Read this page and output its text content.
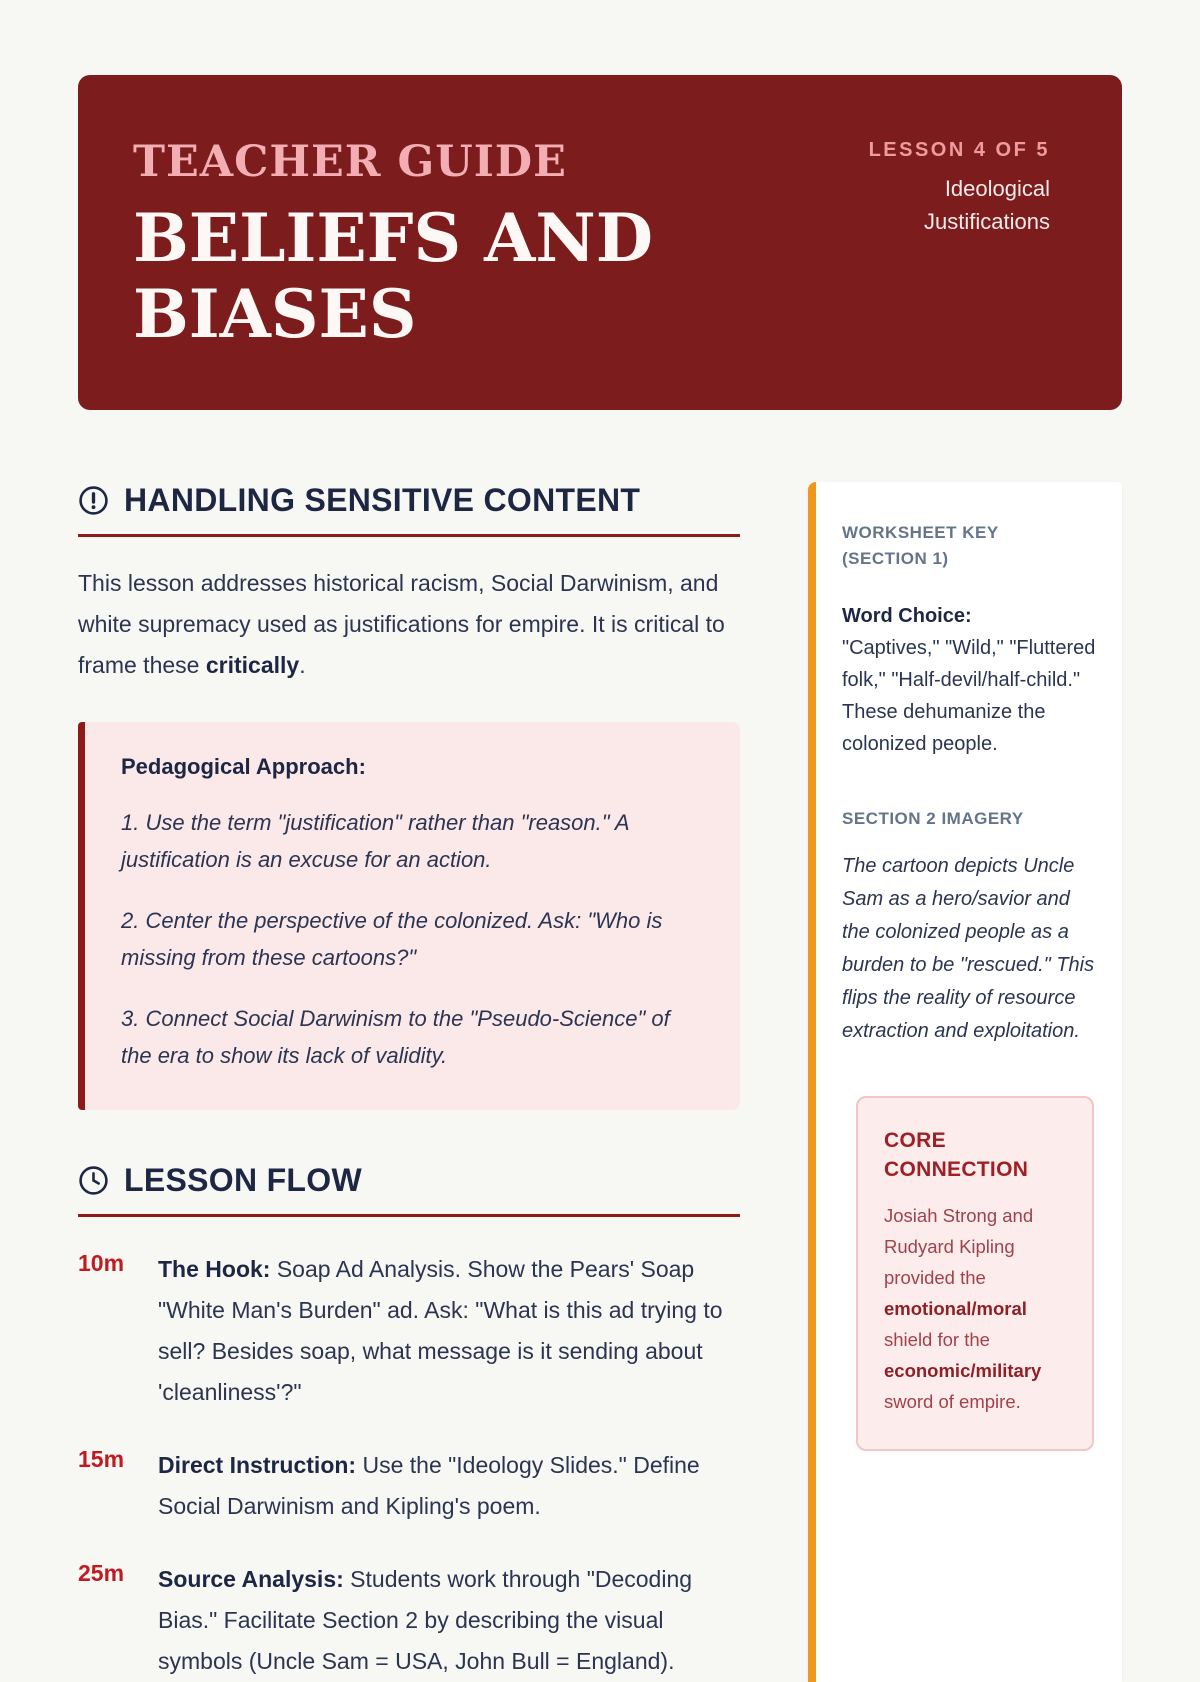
TEACHER GUIDE
BELIEFS AND BIASES
LESSON 4 OF 5
Ideological Justifications
HANDLING SENSITIVE CONTENT

This lesson addresses historical racism, Social Darwinism, and white supremacy used as justifications for empire. It is critical to frame these critically.

Pedagogical Approach:

1. Use the term "justification" rather than "reason." A justification is an excuse for an action.

2. Center the perspective of the colonized. Ask: "Who is missing from these cartoons?"

3. Connect Social Darwinism to the "Pseudo-Science" of the era to show its lack of validity.

LESSON FLOW
10m	The Hook: Soap Ad Analysis. Show the Pears' Soap "White Man's Burden" ad. Ask: "What is this ad trying to sell? Besides soap, what message is it sending about 'cleanliness'?"

15m	Direct Instruction: Use the "Ideology Slides." Define Social Darwinism and Kipling's poem.

25m	Source Analysis: Students work through "Decoding Bias." Facilitate Section 2 by describing the visual symbols (Uncle Sam = USA, John Bull = England).

WORKSHEET KEY (SECTION 1)
Word Choice:
"Captives," "Wild," "Fluttered folk," "Half-devil/half-child." These dehumanize the colonized people.
SECTION 2 IMAGERY
The cartoon depicts Uncle Sam as a hero/savior and the colonized people as a burden to be "rescued." This flips the reality of resource extraction and exploitation.
CORE CONNECTION

Josiah Strong and Rudyard Kipling provided the emotional/moral shield for the economic/military sword of empire.
